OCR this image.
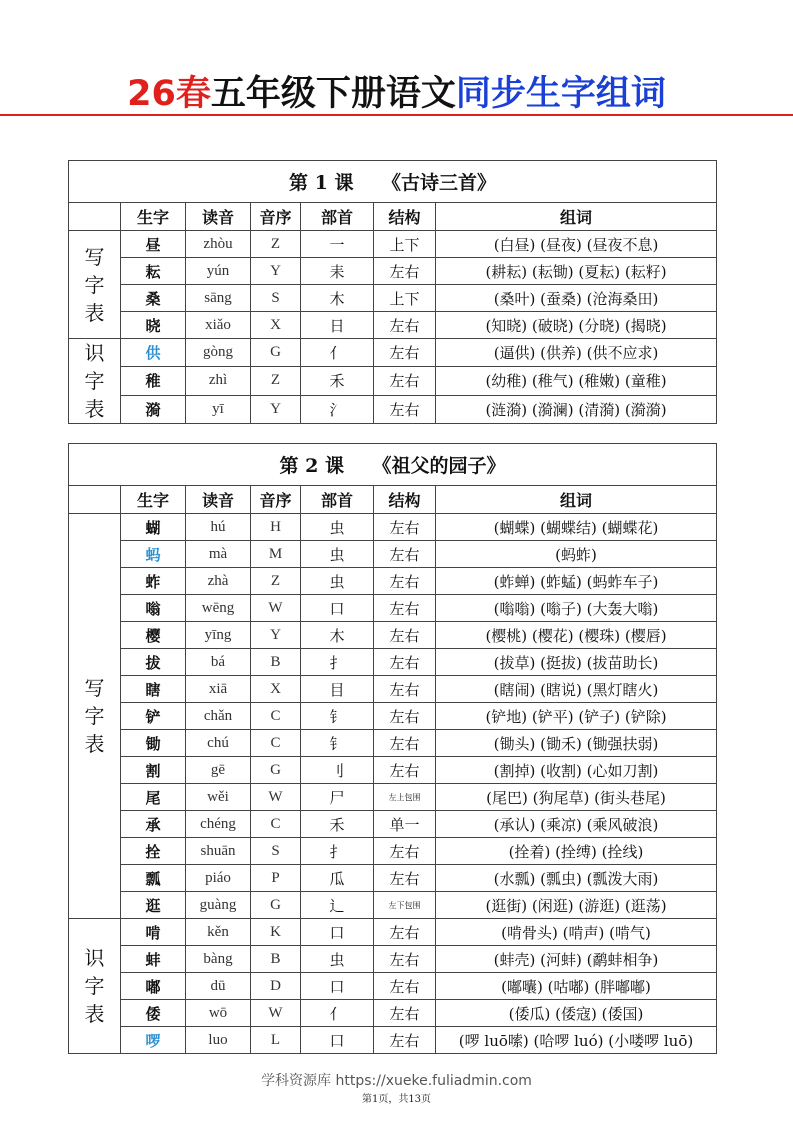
26春五年级下册语文同步生字组词
第 1 课　　《古诗三首》						
	生字	读音	音序	部首	结构	组词
写字表	昼	zhòu	Z	一	上下	(白昼) (昼夜) (昼夜不息)
	耘	yún	Y	耒	左右	(耕耘) (耘锄) (夏耘) (耘籽)
	桑	sāng	S	木	上下	(桑叶) (蚕桑) (沧海桑田)
	晓	xiǎo	X	日	左右	(知晓) (破晓) (分晓) (揭晓)
识字表	供	gòng	G	亻	左右	(逼供) (供养) (供不应求)
	稚	zhì	Z	禾	左右	(幼稚) (稚气) (稚嫩) (童稚)
	漪	yī	Y	氵	左右	(涟漪) (漪澜) (清漪) (漪漪)
第 2 课　　《祖父的园子》						
	生字	读音	音序	部首	结构	组词
写字表	蝴	hú	H	虫	左右	(蝴蝶) (蝴蝶结) (蝴蝶花)
	蚂	mà	M	虫	左右	(蚂蚱)
	蚱	zhà	Z	虫	左右	(蚱蝉) (蚱蜢) (蚂蚱车子)
	嗡	wēng	W	口	左右	(嗡嗡) (嗡子) (大轰大嗡)
	樱	yīng	Y	木	左右	(樱桃) (樱花) (樱珠) (樱唇)
	拔	bá	B	扌	左右	(拔草) (挺拔) (拔苗助长)
	瞎	xiā	X	目	左右	(瞎闹) (瞎说) (黑灯瞎火)
	铲	chǎn	C	钅	左右	(铲地) (铲平) (铲子) (铲除)
	锄	chú	C	钅	左右	(锄头) (锄禾) (锄强扶弱)
	割	gē	G	刂	左右	(割掉) (收割) (心如刀割)
	尾	wěi	W	尸	左上包围	(尾巴) (狗尾草) (街头巷尾)
	承	chéng	C	禾	单一	(承认) (乘凉) (乘风破浪)
	拴	shuān	S	扌	左右	(拴着) (拴缚) (拴线)
	瓢	piáo	P	瓜	左右	(水瓢) (瓢虫) (瓢泼大雨)
	逛	guàng	G	辶	左下包围	(逛街) (闲逛) (游逛) (逛荡)
识字表	啃	kěn	K	口	左右	(啃骨头) (啃声) (啃气)
	蚌	bàng	B	虫	左右	(蚌壳) (河蚌) (鹬蚌相争)
	嘟	dū	D	口	左右	(嘟囔) (咕嘟) (胖嘟嘟)
	倭	wō	W	亻	左右	(倭瓜) (倭寇) (倭国)
	啰	luo	L	口	左右	(啰 luō嗦) (哈啰 luó) (小喽啰 luō)
学科资源库 https://xueke.fuliadmin.com
第1页，共13页
